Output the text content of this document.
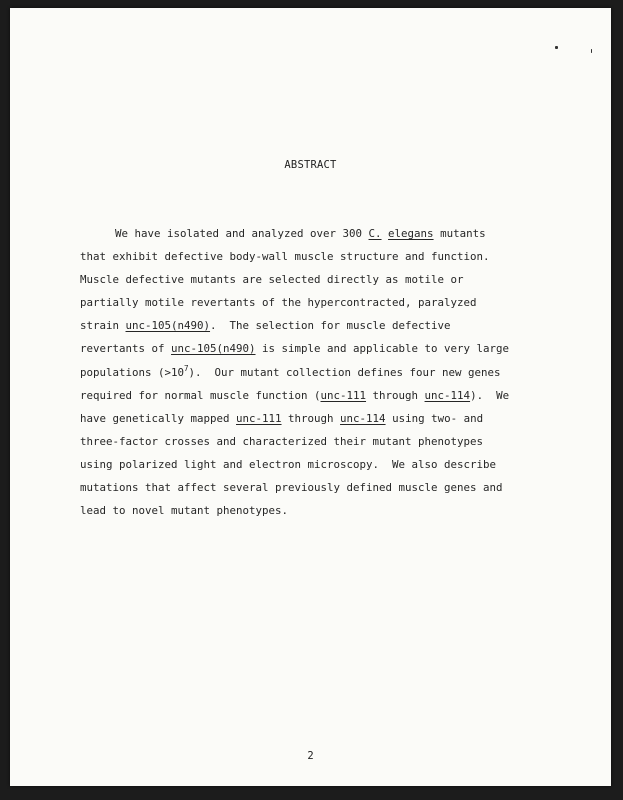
ABSTRACT
We have isolated and analyzed over 300 C. elegans mutants
that exhibit defective body-wall muscle structure and function.
Muscle defective mutants are selected directly as motile or
partially motile revertants of the hypercontracted, paralyzed
strain unc-105(n490).  The selection for muscle defective
revertants of unc-105(n490) is simple and applicable to very large
populations $(>10^7)$.  Our mutant collection defines four new genes
required for normal muscle function (unc-111 through unc-114).  We
have genetically mapped unc-111 through unc-114 using two- and
three-factor crosses and characterized their mutant phenotypes
using polarized light and electron microscopy.  We also describe
mutations that affect several previously defined muscle genes and
lead to novel mutant phenotypes.
2
